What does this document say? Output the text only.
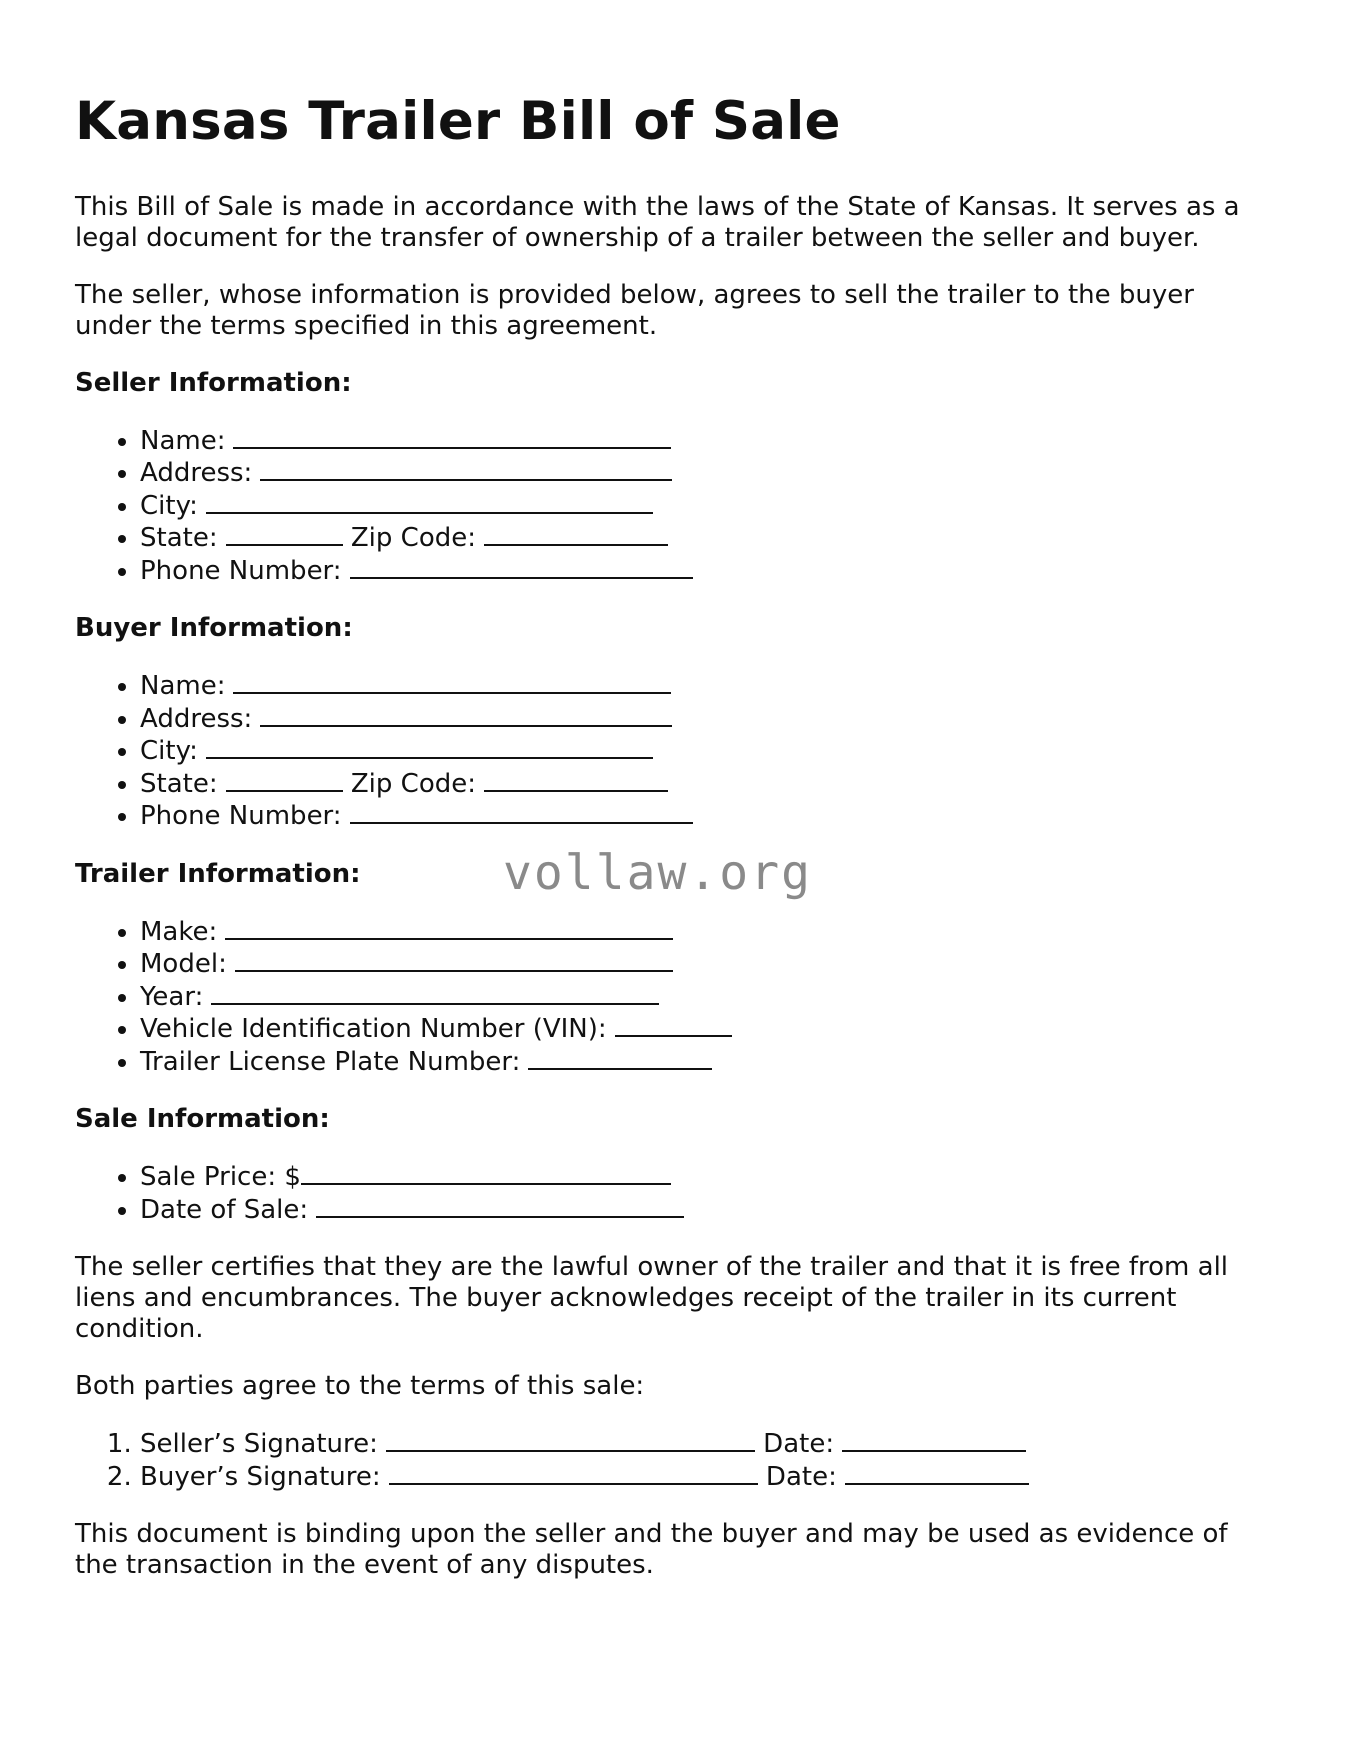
Kansas Trailer Bill of Sale

This Bill of Sale is made in accordance with the laws of the State of Kansas. It serves as a legal document for the transfer of ownership of a trailer between the seller and buyer.

The seller, whose information is provided below, agrees to sell the trailer to the buyer under the terms specified in this agreement.

Seller Information:
• Name:
• Address:
• City:
• State:	Zip Code:
• Phone Number:
Buyer Information:
• Name:
• Address:
• City:
• State:	Zip Code:
• Phone Number:
Trailer Information:
• Make:
• Model:
• Year:
• Vehicle Identification Number (VIN):
• Trailer License Plate Number:
Sale Information:
• Sale Price: $
• Date of Sale:

The seller certifies that they are the lawful owner of the trailer and that it is free from all liens and encumbrances. The buyer acknowledges receipt of the trailer in its current condition.

Both parties agree to the terms of this sale:

1. Seller’s Signature:	Date:
2. Buyer’s Signature:	Date:

This document is binding upon the seller and the buyer and may be used as evidence of the transaction in the event of any disputes.

vollaw.org
